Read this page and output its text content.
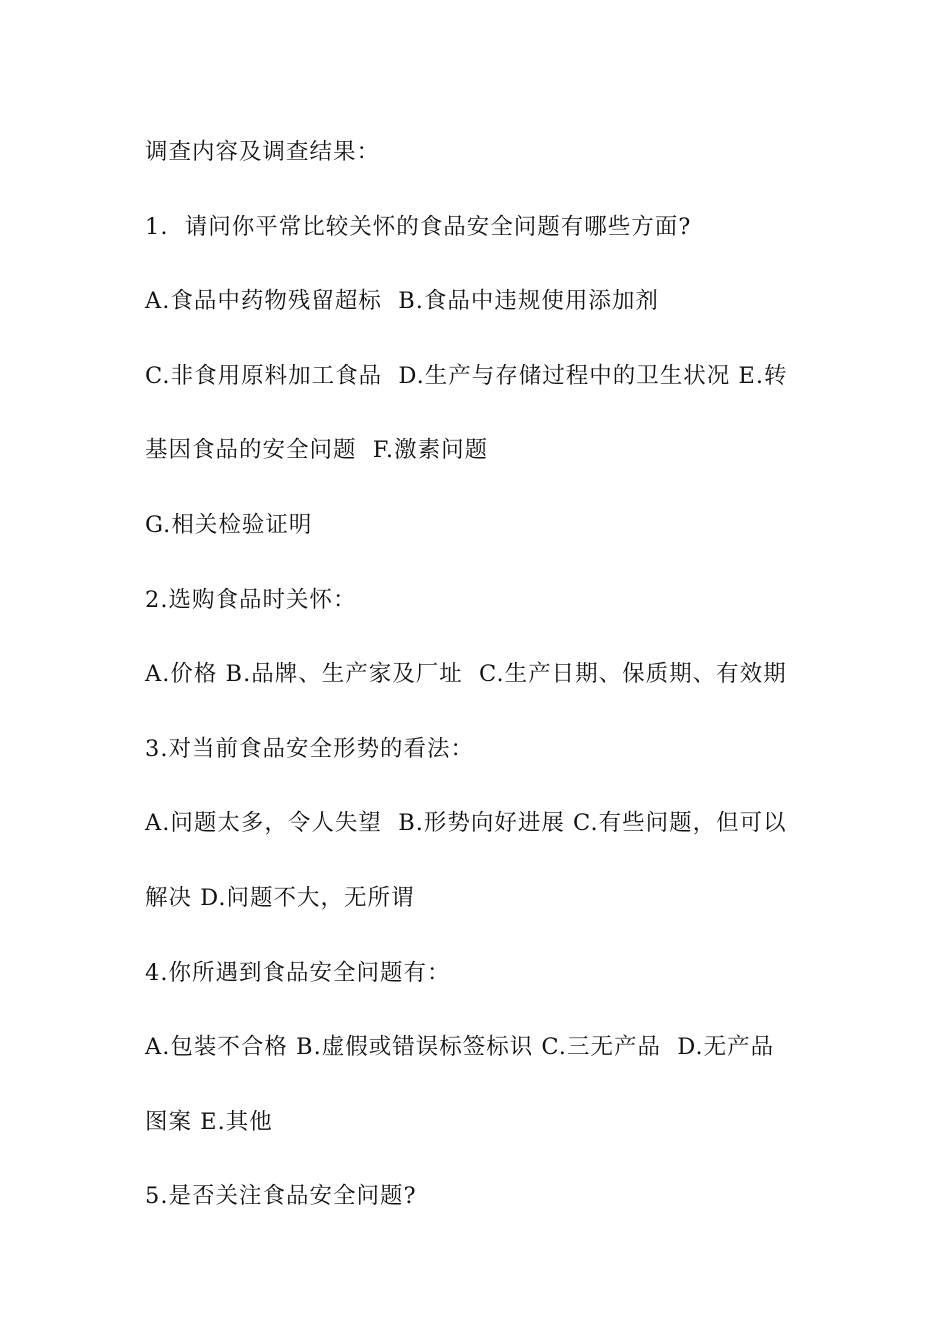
调查内容及调查结果：

1.  请问你平常比较关怀的食品安全问题有哪些方面?

A.食品中药物残留超标  B.食品中违规使用添加剂

C.非食用原料加工食品  D.生产与存储过程中的卫生状况 E.转

基因食品的安全问题  F.激素问题

G.相关检验证明

2.选购食品时关怀：

A.价格 B.品牌、生产家及厂址  C.生产日期、保质期、有效期

3.对当前食品安全形势的看法：

A.问题太多，令人失望  B.形势向好进展 C.有些问题，但可以

解决 D.问题不大，无所谓

4.你所遇到食品安全问题有：

A.包装不合格 B.虚假或错误标签标识 C.三无产品  D.无产品

图案 E.其他

5.是否关注食品安全问题?
